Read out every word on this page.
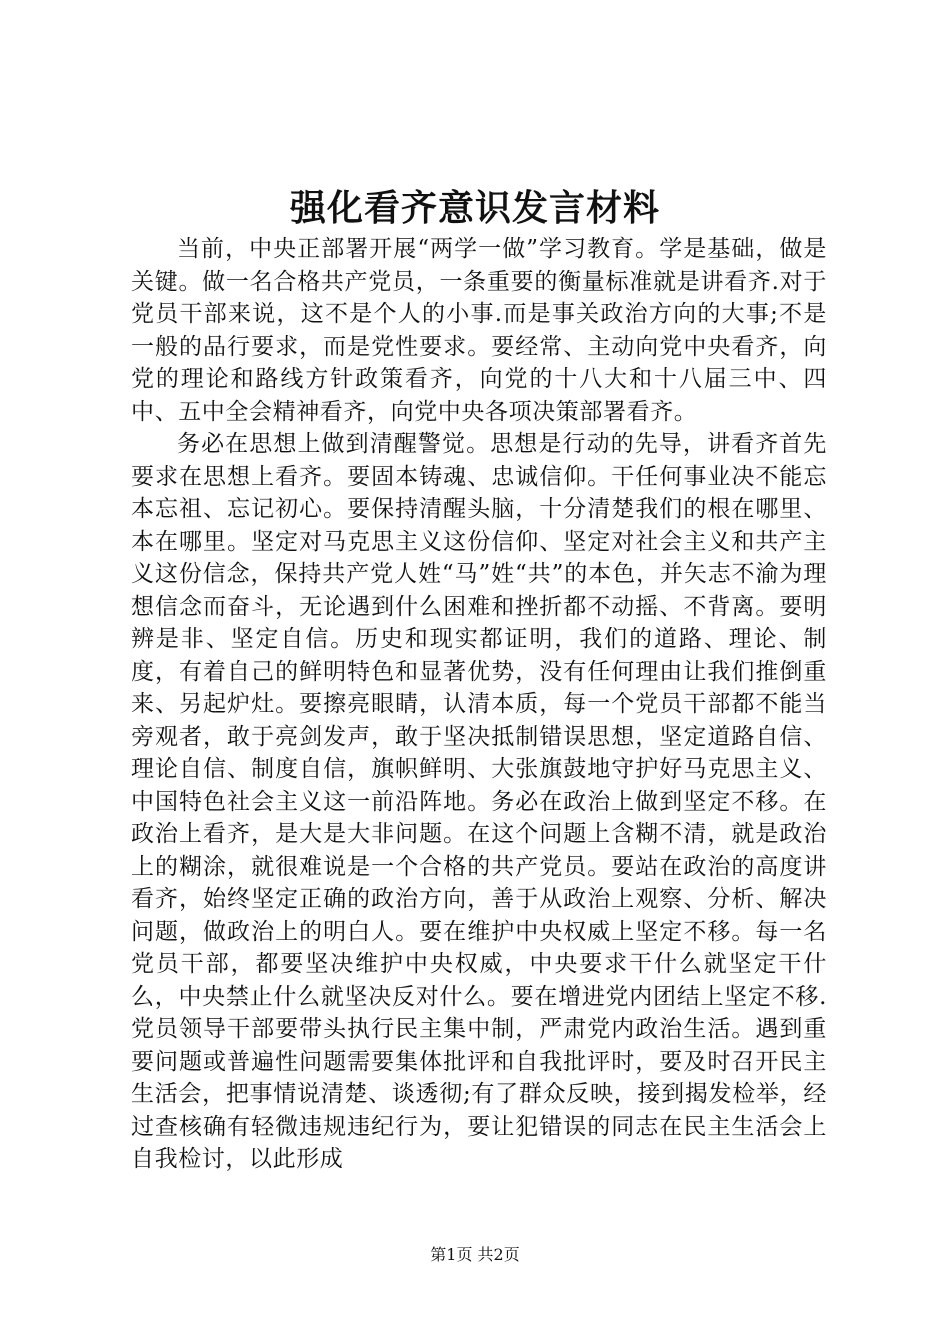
强化看齐意识发言材料

当前，中央正部署开展“两学一做”学习教育。学是基础，做是关键。做一名合格共产党员，一条重要的衡量标准就是讲看齐.对于党员干部来说，这不是个人的小事.而是事关政治方向的大事;不是一般的品行要求，而是党性要求。要经常、主动向党中央看齐，向党的理论和路线方针政策看齐，向党的十八大和十八届三中、四中、五中全会精神看齐，向党中央各项决策部署看齐。

务必在思想上做到清醒警觉。思想是行动的先导，讲看齐首先要求在思想上看齐。要固本铸魂、忠诚信仰。干任何事业决不能忘本忘祖、忘记初心。要保持清醒头脑，十分清楚我们的根在哪里、本在哪里。坚定对马克思主义这份信仰、坚定对社会主义和共产主义这份信念，保持共产党人姓“马”姓“共”的本色，并矢志不渝为理想信念而奋斗，无论遇到什么困难和挫折都不动摇、不背离。要明辨是非、坚定自信。历史和现实都证明，我们的道路、理论、制度，有着自己的鲜明特色和显著优势，没有任何理由让我们推倒重来、另起炉灶。要擦亮眼睛，认清本质，每一个党员干部都不能当旁观者，敢于亮剑发声，敢于坚决抵制错误思想，坚定道路自信、理论自信、制度自信，旗帜鲜明、大张旗鼓地守护好马克思主义、中国特色社会主义这一前沿阵地。务必在政治上做到坚定不移。在政治上看齐，是大是大非问题。在这个问题上含糊不清，就是政治上的糊涂，就很难说是一个合格的共产党员。要站在政治的高度讲看齐，始终坚定正确的政治方向，善于从政治上观察、分析、解决问题，做政治上的明白人。要在维护中央权威上坚定不移。每一名党员干部，都要坚决维护中央权威，中央要求干什么就坚定干什么，中央禁止什么就坚决反对什么。要在增进党内团结上坚定不移.党员领导干部要带头执行民主集中制，严肃党内政治生活。遇到重要问题或普遍性问题需要集体批评和自我批评时，要及时召开民主生活会，把事情说清楚、谈透彻;有了群众反映，接到揭发检举，经过查核确有轻微违规违纪行为，要让犯错误的同志在民主生活会上自我检讨，以此形成

第1页 共2页
